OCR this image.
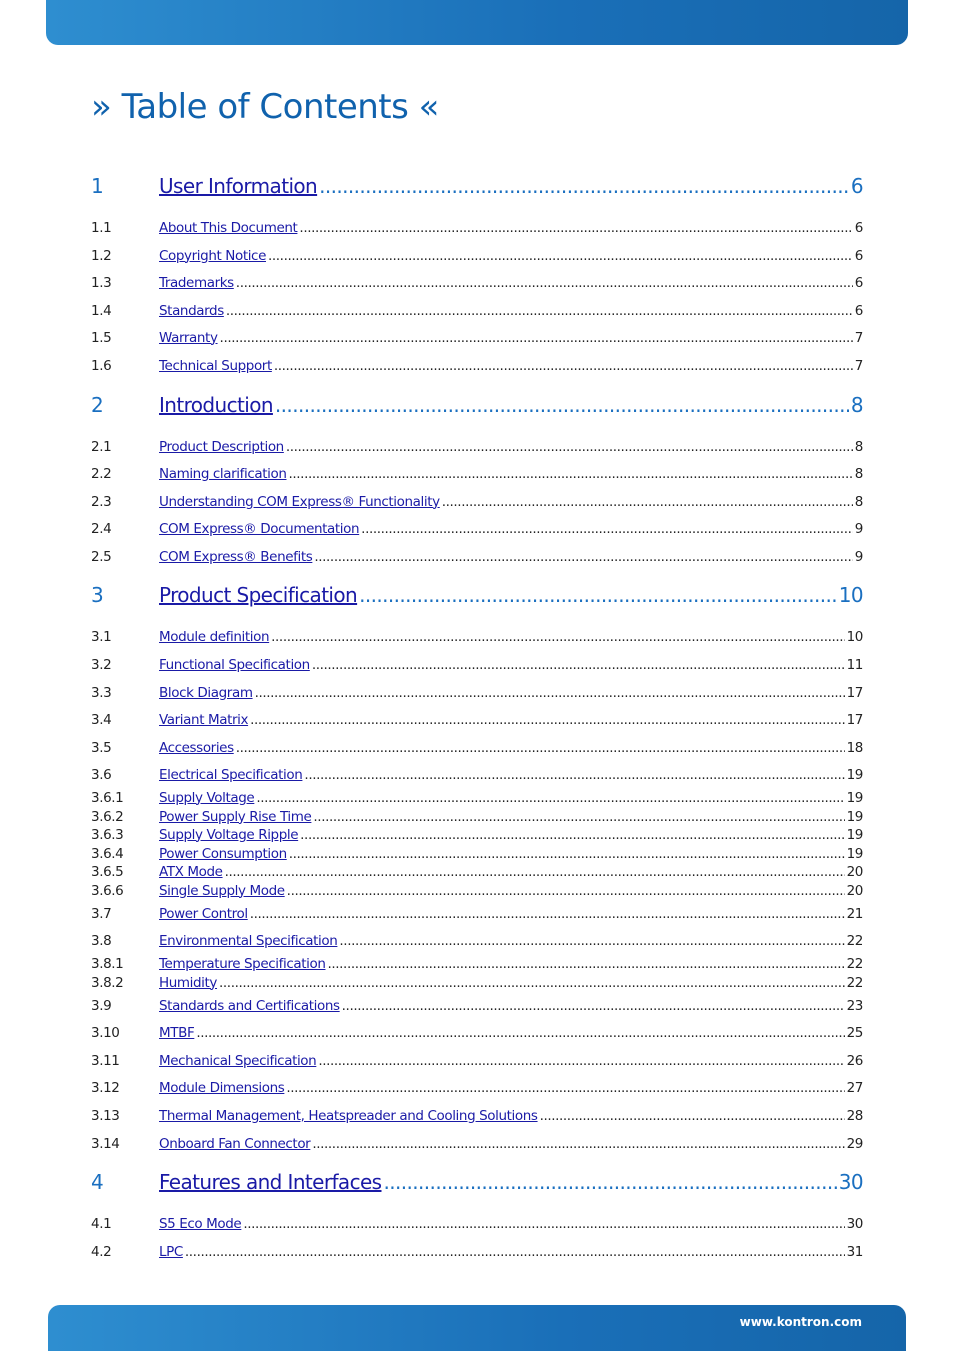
» Table of Contents «
1	User Information .....	6
1.1	About This Document .....	6
1.2	Copyright Notice .....	6
1.3	Trademarks .....	6
1.4	Standards .....	6
1.5	Warranty .....	7
1.6	Technical Support .....	7
2	Introduction .....	8
2.1	Product Description .....	8
2.2	Naming clarification .....	8
2.3	Understanding COM Express® Functionality .....	8
2.4	COM Express® Documentation .....	9
2.5	COM Express® Benefits .....	9
3	Product Specification .....	10
3.1	Module definition .....	10
3.2	Functional Specification .....	11
3.3	Block Diagram .....	17
3.4	Variant Matrix .....	17
3.5	Accessories .....	18
3.6	Electrical Specification .....	19
3.6.1	Supply Voltage .....	19
3.6.2	Power Supply Rise Time .....	19
3.6.3	Supply Voltage Ripple .....	19
3.6.4	Power Consumption .....	19
3.6.5	ATX Mode .....	20
3.6.6	Single Supply Mode .....	20
3.7	Power Control .....	21
3.8	Environmental Specification .....	22
3.8.1	Temperature Specification .....	22
3.8.2	Humidity .....	22
3.9	Standards and Certifications .....	23
3.10	MTBF .....	25
3.11	Mechanical Specification .....	26
3.12	Module Dimensions .....	27
3.13	Thermal Management, Heatspreader and Cooling Solutions .....	28
3.14	Onboard Fan Connector .....	29
4	Features and Interfaces .....	30
4.1	S5 Eco Mode .....	30
4.2	LPC .....	31
www.kontron.com
